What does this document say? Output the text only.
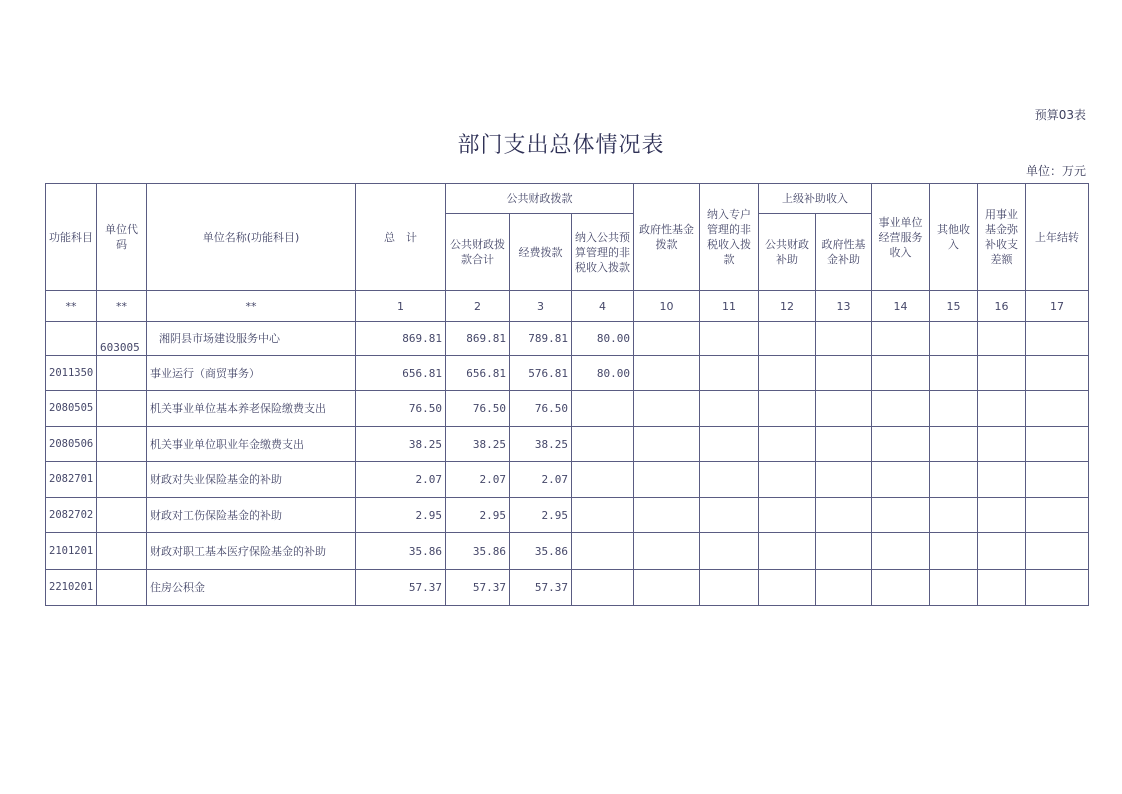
预算03表
部门支出总体情况表
单位：万元
功能科目	单位代码	单位名称(功能科目)	总　计	公共财政拨款			政府性基金拨款	纳入专户管理的非税收入拨款	上级补助收入		事业单位经营服务收入	其他收入	用事业基金弥补收支差额	上年结转
				公共财政拨款合计	经费拨款	纳入公共预算管理的非税收入拨款			公共财政补助	政府性基金补助				
**	**	**	1	2	3	4	10	11	12	13	14	15	16	17
	603005	湘阴县市场建设服务中心	869.81	869.81	789.81	80.00								
2011350		事业运行（商贸事务）	656.81	656.81	576.81	80.00								
2080505		机关事业单位基本养老保险缴费支出	76.50	76.50	76.50									
2080506		机关事业单位职业年金缴费支出	38.25	38.25	38.25									
2082701		财政对失业保险基金的补助	2.07	2.07	2.07									
2082702		财政对工伤保险基金的补助	2.95	2.95	2.95									
2101201		财政对职工基本医疗保险基金的补助	35.86	35.86	35.86									
2210201		住房公积金	57.37	57.37	57.37									
